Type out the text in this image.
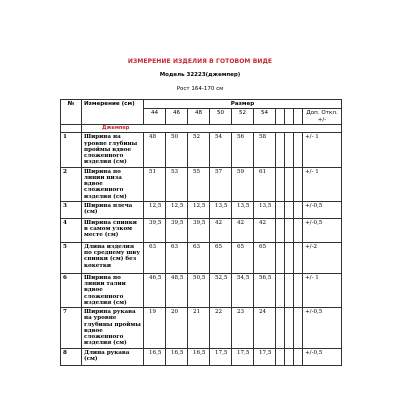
ИЗМЕРЕНИЕ ИЗДЕЛИЯ В ГОТОВОМ ВИДЕ
Модель 32223(джемпер)
Рост 164-170 см
№	Измерение (см)	Размер									
		44	46	48	50	52	54				Доп. Откл. +/-
	Джемпер										
1	Ширина на уровне глубины проймы вдвое сложенного изделия (см)	48	50	52	54	56	58				+/- 1
2	Ширина по линии низа вдвое сложенного изделия (см)	51	53	55	57	59	61				+/- 1
3	Ширина плеча (см)	12,5	12,5	12,5	13,5	13,5	13,5				+/-0,5
4	Ширина спинки в самом узком месте (см)	39,5	39,5	39,5	42	42	42				+/-0,5
5	Длина изделия по среднему шву спинки (см) без кокетки	63	63	63	65	65	65				+/-2
6	Ширина по линии талии вдвое сложенного изделия (см)	46,5	48,5	50,5	52,5	54,5	56,5				+/- 1
7	Ширина рукава на уровне глубины проймы вдвое сложенного изделия (см)	19	20	21	22	23	24				+/-0,5
8	Длина рукава (см)	16,5	16,5	16,5	17,5	17,5	17,5				+/-0,5
